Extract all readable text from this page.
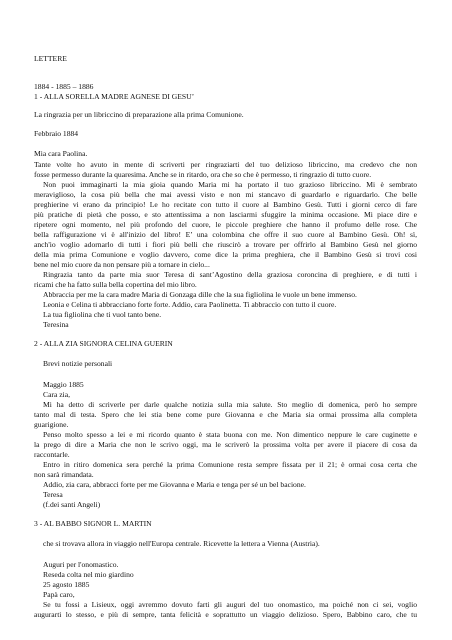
LETTERE
1884 - 1885 – 1886
1 - ALLA SORELLA MADRE AGNESE DI GESU’
La ringrazia per un libriccino di preparazione alla prima Comunione.
Febbraio 1884
Mia cara Paolina.
Tante volte ho avuto in mente di scriverti per ringraziarti del tuo delizioso libriccino, ma credevo che non
fosse permesso durante la quaresima. Anche se in ritardo, ora che so che è permesso, ti ringrazio di tutto cuore.
Non puoi immaginarti la mia gioia quando Maria mi ha portato il tuo grazioso libriccino. Mi è sembrato
meraviglioso, la cosa più bella che mai avessi visto e non mi stancavo di guardarlo e riguardarlo. Che belle
preghierine vi erano da principio! Le ho recitate con tutto il cuore al Bambino Gesù. Tutti i giorni cerco di fare
più pratiche di pietà che posso, e sto attentissima a non lasciarmi sfuggire la minima occasione. Mi piace dire e
ripetere ogni momento, nel più profondo del cuore, le piccole preghiere che hanno il profumo delle rose. Che
bella raffigurazione vi è all'inizio del libro! E’ una colombina che offre il suo cuore al Bambino Gesù. Oh! sì,
anch'io voglio adornarlo di tutti i fiori più belli che riuscirò a trovare per offrirlo al Bambino Gesù nel giorno
della mia prima Comunione e voglio davvero, come dice la prima preghiera, che il Bambino Gesù si trovi cosi
bene nel mio cuore da non pensare più a tornare in cielo...
Ringrazia tanto da parte mia suor Teresa di sant’Agostino della graziosa coroncina di preghiere, e di tutti i
ricami che ha fatto sulla bella copertina del mio libro.
Abbraccia per me la cara madre Maria di Gonzaga dille che la sua figliolina le vuole un bene immenso.
Leonia e Celina ti abbracciano forte forte. Addio, cara Paolinetta. Ti abbraccio con tutto il cuore.
La tua figliolina che ti vuol tanto bene.
Teresina
2 - ALLA ZIA SIGNORA CELINA GUERIN
Brevi notizie personali
Maggio 1885
Cara zia,
Mi ha detto di scriverle per darle qualche notizia sulla mia salute. Sto meglio di domenica, però ho sempre
tanto mal di testa. Spero che lei stia bene come pure Giovanna e che Maria sia ormai prossima alla completa
guarigione.
Penso molto spesso a lei e mi ricordo quanto è stata buona con me. Non dimentico neppure le care cuginette e
la prego di dire a Maria che non le scrivo oggi, ma le scriverò la prossima volta per avere il piacere di cosa da
raccontarle.
Entro in ritiro domenica sera perché la prima Comunione resta sempre fissata per il 21; è ormai cosa certa che
non sarà rimandata.
Addio, zia cara, abbracci forte per me Giovanna e Maria e tenga per sé un bel bacione.
Teresa
(f.dei santi Angeli)
3 - AL BABBO SIGNOR L. MARTIN
che si trovava allora in viaggio nell'Europa centrale. Ricevette la lettera a Vienna (Austria).
Auguri per l'onomastico.
Reseda colta nel mio giardino
25 agosto 1885
Papà caro,
Se tu fossi a Lisieux, oggi avremmo dovuto farti gli auguri del tuo onomastico, ma poiché non ci sei, voglio
augurarti lo stesso, e più di sempre, tanta felicità e soprattutto un viaggio delizioso. Spero, Babbino caro, che tu
